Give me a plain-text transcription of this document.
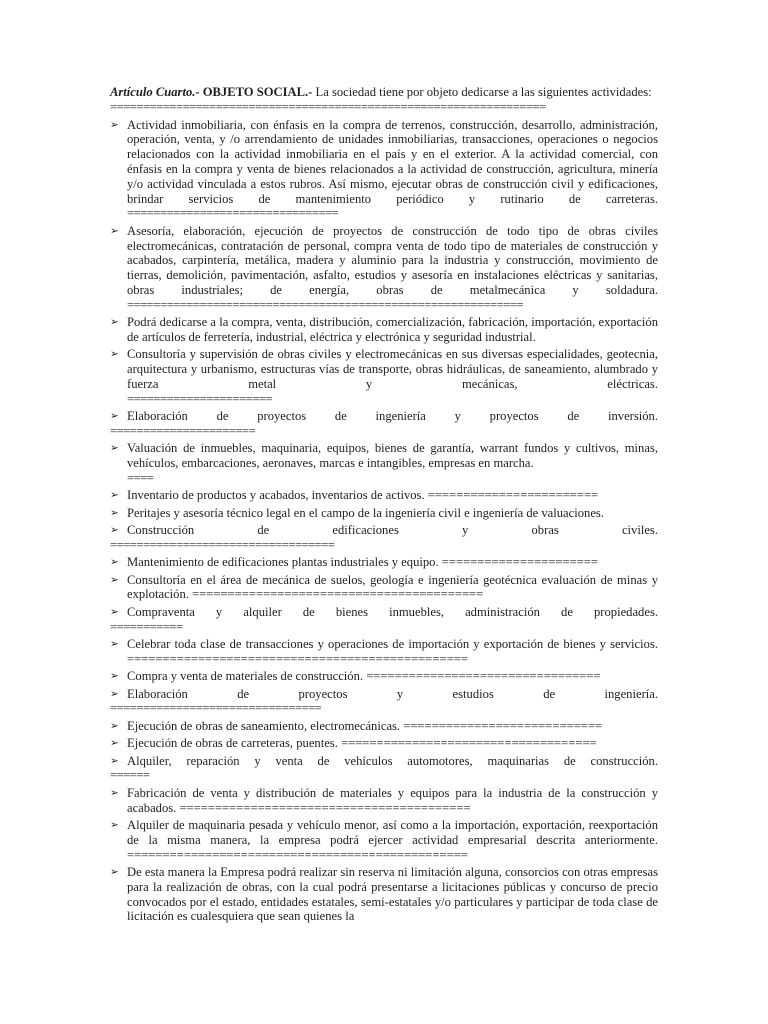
Artículo Cuarto.- OBJETO SOCIAL.- La sociedad tiene por objeto dedicarse a las siguientes actividades:
==================================================================
➢ Actividad inmobiliaria, con énfasis en la compra de terrenos, construcción, desarrollo, administración, operación, venta, y /o arrendamiento de unidades inmobiliarias, transacciones, operaciones o negocios relacionados con la actividad inmobiliaria en el país y en el exterior. A la actividad comercial, con énfasis en la compra y venta de bienes relacionados a la actividad de construcción, agricultura, minería y/o actividad vinculada a estos rubros. Así mismo, ejecutar obras de construcción civil y edificaciones, brindar servicios de mantenimiento periódico y rutinario de carreteras.
================================
➢ Asesoría, elaboración, ejecución de proyectos de construcción de todo tipo de obras civiles electromecánicas, contratación de personal, compra venta de todo tipo de materiales de construcción y acabados, carpintería, metálica, madera y aluminio para la industria y construcción, movimiento de tierras, demolición, pavimentación, asfalto, estudios y asesoría en instalaciones eléctricas y sanitarias, obras industriales; de energía, obras de metalmecánica y soldadura.
============================================================
➢ Podrá dedicarse a la compra, venta, distribución, comercialización, fabricación, importación, exportación de artículos de ferretería, industrial, eléctrica y electrónica y seguridad industrial.
➢ Consultoría y supervisión de obras civiles y electromecánicas en sus diversas especialidades, geotecnia, arquitectura y urbanismo, estructuras vías de transporte, obras hidráulicas, de saneamiento, alumbrado y fuerza metal y mecánicas, eléctricas.
======================
➢ Elaboración de proyectos de ingeniería y proyectos de inversión.
======================
➢ Valuación de inmuebles, maquinaria, equipos, bienes de garantía, warrant fundos y cultivos, minas, vehículos, embarcaciones, aeronaves, marcas e intangibles, empresas en marcha.
====
➢ Inventario de productos y acabados, inventarios de activos. ========================
➢ Peritajes y asesoría técnico legal en el campo de la ingeniería civil e ingeniería de valuaciones.
➢ Construcción de edificaciones y obras civiles.
==================================
➢ Mantenimiento de edificaciones plantas industriales y equipo. ======================
➢ Consultoría en el área de mecánica de suelos, geología e ingeniería geotécnica evaluación de minas y explotación. =========================================
➢ Compraventa y alquiler de bienes inmuebles, administración de propiedades.
===========
➢ Celebrar toda clase de transacciones y operaciones de importación y exportación de bienes y servicios. ================================================
➢ Compra y venta de materiales de construcción. =================================
➢ Elaboración de proyectos y estudios de ingeniería.
================================
➢ Ejecución de obras de saneamiento, electromecánicas. ============================
➢ Ejecución de obras de carreteras, puentes. ====================================
➢ Alquiler, reparación y venta de vehículos automotores, maquinarias de construcción.
======
➢ Fabricación de venta y distribución de materiales y equipos para la industria de la construcción y acabados. =========================================
➢ Alquiler de maquinaria pesada y vehículo menor, así como a la importación, exportación, reexportación de la misma manera, la empresa podrá ejercer actividad empresarial descrita anteriormente. ================================================
➢ De esta manera la Empresa podrá realizar sin reserva ni limitación alguna, consorcios con otras empresas para la realización de obras, con la cual podrá presentarse a licitaciones públicas y concurso de precio convocados por el estado, entidades estatales, semi-estatales y/o particulares y participar de toda clase de licitación es cualesquiera que sean quienes la
